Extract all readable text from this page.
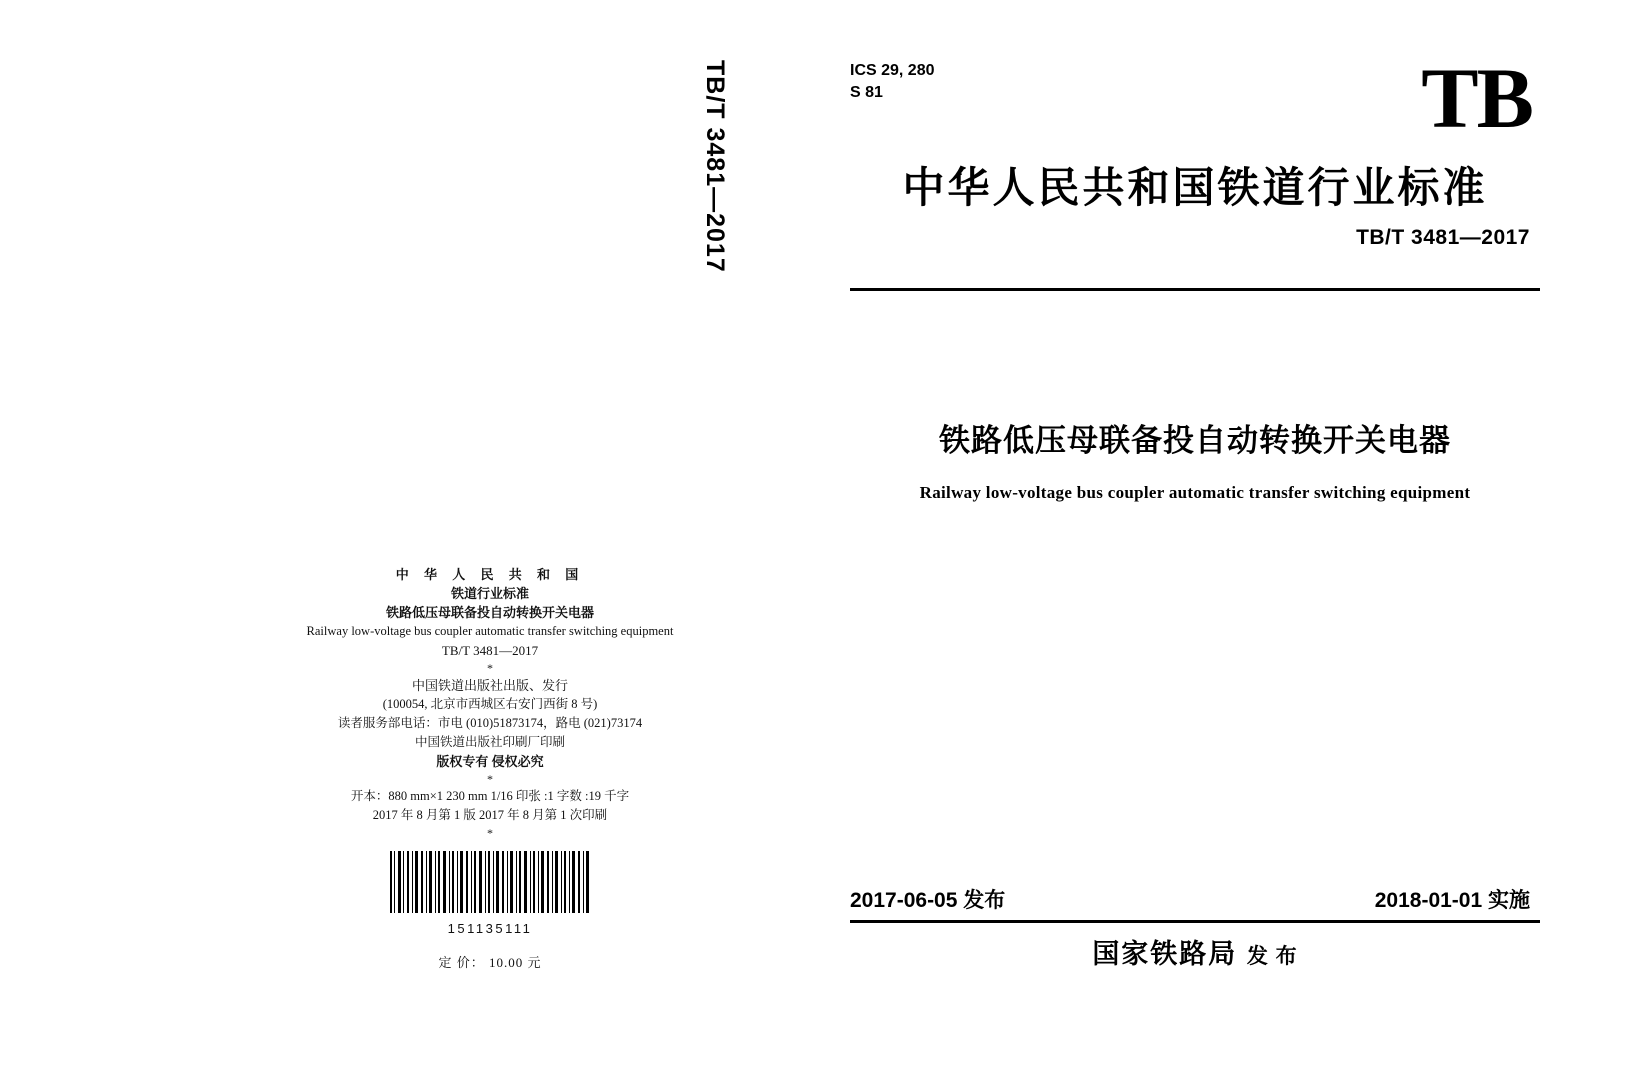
中 华 人 民 共 和 国
铁道行业标准
铁路低压母联备投自动转换开关电器
Railway low-voltage bus coupler automatic transfer switching equipment
TB/T 3481—2017
*
中国铁道出版社出版、发行
(100054, 北京市西城区右安门西街 8 号)
读者服务部电话：市电 (010)51873174，路电 (021)73174
中国铁道出版社印刷厂印刷
版权专有 侵权必究
*
开本：880 mm×1 230 mm 1/16 印张 :1 字数 :19 千字
2017 年 8 月第 1 版 2017 年 8 月第 1 次印刷
*
151135111
定 价： 10.00 元
TB/T 3481—2017	ICS 29, 280
S 81	TB
中华人民共和国铁道行业标准
TB/T 3481—2017
铁路低压母联备投自动转换开关电器
Railway low-voltage bus coupler automatic transfer switching equipment
2017-06-05 发布	2018-01-01 实施
国家铁路局 发 布
